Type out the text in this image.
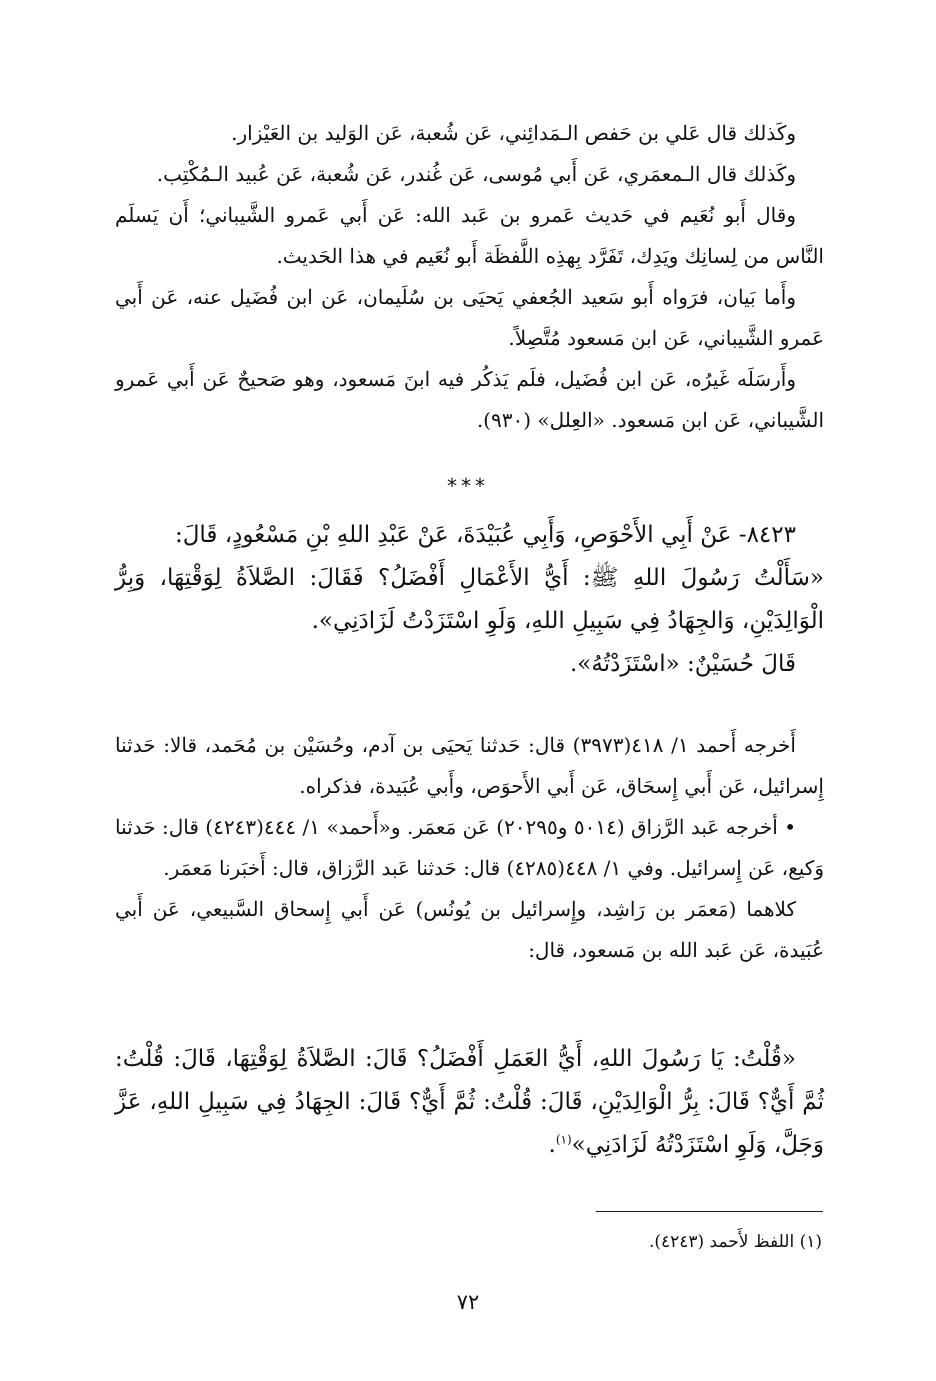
وكَذلك قال عَلي بن حَفص الـمَدائِني، عَن شُعبة، عَن الوَليد بن العَيْزار.

وكَذلك قال الـمعمَري، عَن أَبي مُوسى، عَن غُندر، عَن شُعبة، عَن عُبيد الـمُكْتِب.

وقال أَبو نُعَيم في حَديث عَمرو بن عَبد الله: عَن أَبي عَمرو الشَّيباني؛ أَن يَسلَم النَّاس من لِسانِك ويَدِك، تَفَرَّد بِهذِه اللَّفظَة أَبو نُعَيم في هذا الحَديث.

وأَما بَيان، فرَواه أَبو سَعيد الجُعفي يَحيَى بن سُلَيمان، عَن ابن فُضَيل عنه، عَن أَبي عَمرو الشَّيباني، عَن ابن مَسعود مُتَّصِلاً.

وأَرسَلَه غَيرُه، عَن ابن فُضَيل، فلَم يَذكُر فيه ابنَ مَسعود، وهو صَحيحٌ عَن أَبي عَمرو الشَّيباني، عَن ابن مَسعود. «العِلل» (٩٣٠).

***

٨٤٢٣- عَنْ أَبِي الأَحْوَصِ، وَأَبِي عُبَيْدَةَ، عَنْ عَبْدِ اللهِ بْنِ مَسْعُودٍ، قَالَ:

«سَأَلْتُ رَسُولَ اللهِ ﷺ: أَيُّ الأَعْمَالِ أَفْضَلُ؟ فَقَالَ: الصَّلاَةُ لِوَقْتِهَا، وَبِرُّ الْوَالِدَيْنِ، وَالجِهَادُ فِي سَبِيلِ اللهِ، وَلَوِ اسْتَزَدْتُ لَزَادَنِي».

قَالَ حُسَيْنٌ: «اسْتَزَدْتُهُ».

أَخرجه أَحمد ١/ ٤١٨(٣٩٧٣) قال: حَدثنا يَحيَى بن آدم، وحُسَيْن بن مُحَمد، قالا: حَدثنا إِسرائيل، عَن أَبي إِسحَاق، عَن أَبي الأَحوَص، وأَبي عُبَيدة، فذكراه.

• أخرجه عَبد الرَّزاق (٥٠١٤ و٢٠٢٩٥) عَن مَعمَر. و«أَحمد» ١/ ٤٤٤(٤٢٤٣) قال: حَدثنا وَكيع، عَن إِسرائيل. وفي ١/ ٤٤٨(٤٢٨٥) قال: حَدثنا عَبد الرَّزاق، قال: أَخبَرنا مَعمَر.

كلاهما (مَعمَر بن رَاشِد، وإِسرائيل بن يُونُس) عَن أَبي إِسحاق السَّبيعي، عَن أَبي عُبَيدة، عَن عَبد الله بن مَسعود، قال:

«قُلْتُ: يَا رَسُولَ اللهِ، أَيُّ العَمَلِ أَفْضَلُ؟ قَالَ: الصَّلاَةُ لِوَقْتِهَا، قَالَ: قُلْتُ: ثُمَّ أَيٌّ؟ قَالَ: بِرُّ الْوَالِدَيْنِ، قَالَ: قُلْتُ: ثُمَّ أَيٌّ؟ قَالَ: الجِهَادُ فِي سَبِيلِ اللهِ، عَزَّ وَجَلَّ، وَلَوِ اسْتَزَدْتُهُ لَزَادَنِي»$^{(١)}$.

(١) اللفظ لأَحمد (٤٢٤٣).
٧٢
